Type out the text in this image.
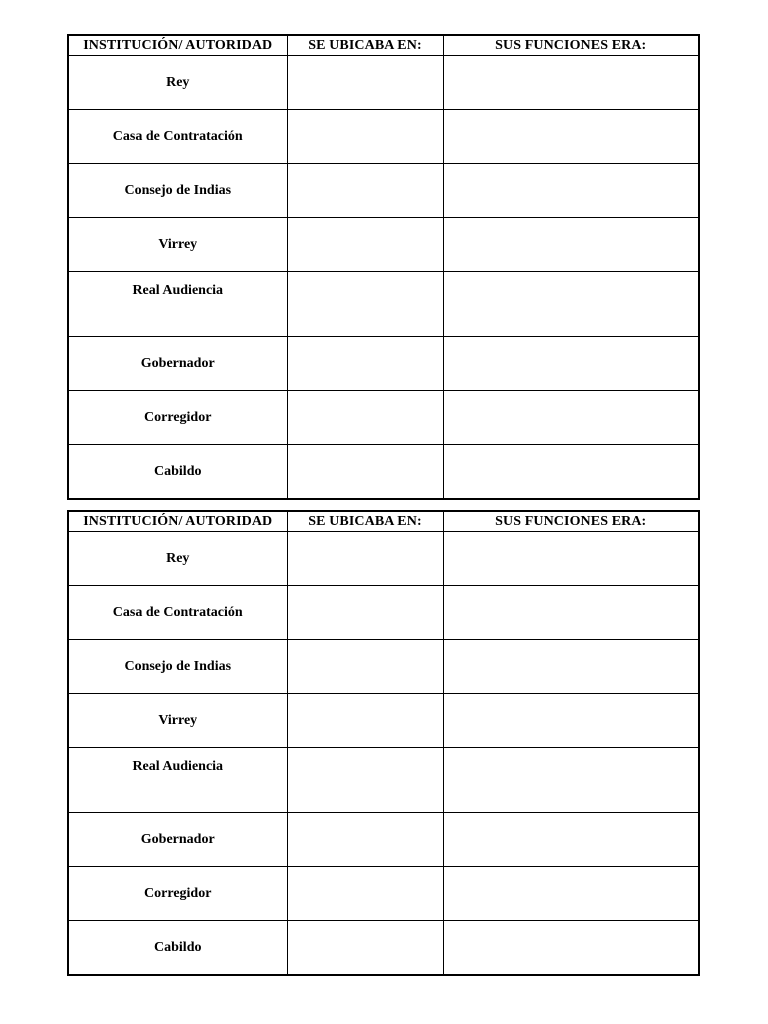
INSTITUCIÓN/ AUTORIDAD	SE UBICABA EN:	SUS FUNCIONES ERA:
Rey		
Casa de Contratación		
Consejo de Indias		
Virrey		
Real Audiencia		
Gobernador		
Corregidor		
Cabildo		
INSTITUCIÓN/ AUTORIDAD	SE UBICABA EN:	SUS FUNCIONES ERA:
Rey		
Casa de Contratación		
Consejo de Indias		
Virrey		
Real Audiencia		
Gobernador		
Corregidor		
Cabildo		
